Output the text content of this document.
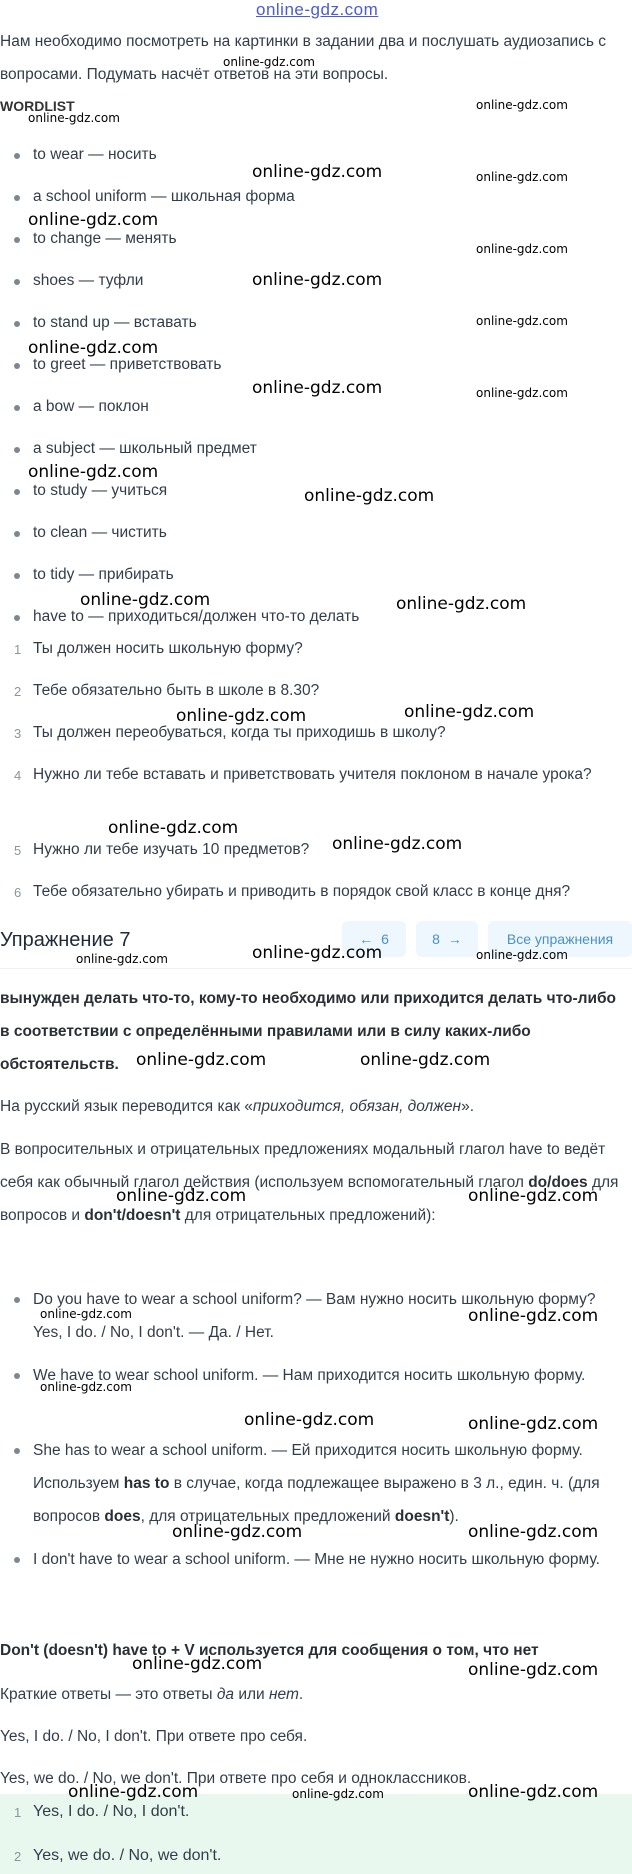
online-gdz.com
Нам необходимо посмотреть на картинки в задании два и послушать аудиозапись с вопросами. Подумать насчёт ответов на эти вопросы.
WORDLIST
to wear — носить
a school uniform — школьная форма
to change — менять
shoes — туфли
to stand up — вставать
to greet — приветствовать
a bow — поклон
a subject — школьный предмет
to study — учиться
to clean — чистить
to tidy — прибирать
have to — приходиться/должен что-то делать
1 Ты должен носить школьную форму?
2 Тебе обязательно быть в школе в 8.30?
3 Ты должен переобуваться, когда ты приходишь в школу?
4 Нужно ли тебе вставать и приветствовать учителя поклоном в начале урока?
5 Нужно ли тебе изучать 10 предметов?
6 Тебе обязательно убирать и приводить в порядок свой класс в конце дня?
Упражнение 7	← 6	8 →	Все упражнения
вынужден делать что-то, кому-то необходимо или приходится делать что-либо в соответствии с определёнными правилами или в силу каких-либо обстоятельств.
На русский язык переводится как «приходится, обязан, должен».
В вопросительных и отрицательных предложениях модальный глагол have to ведёт себя как обычный глагол действия (используем вспомогательный глагол do/does для вопросов и don't/doesn't для отрицательных предложений):
Do you have to wear a school uniform? — Вам нужно носить школьную форму? Yes, I do. / No, I don't. — Да. / Нет.
We have to wear school uniform. — Нам приходится носить школьную форму.
She has to wear a school uniform. — Ей приходится носить школьную форму. Используем has to в случае, когда подлежащее выражено в 3 л., един. ч. (для вопросов does, для отрицательных предложений doesn't).
I don't have to wear a school uniform. — Мне не нужно носить школьную форму.
Don't (doesn't) have to + V используется для сообщения о том, что нет
Краткие ответы — это ответы да или нет.
Yes, I do. / No, I don't. При ответе про себя.
Yes, we do. / No, we don't. При ответе про себя и одноклассников.
1 Yes, I do. / No, I don't.
2 Yes, we do. / No, we don't.
online-gdz.com
online-gdz.com
online-gdz.com
online-gdz.com
online-gdz.com
online-gdz.com
online-gdz.com
online-gdz.com
online-gdz.com
online-gdz.com
online-gdz.com
online-gdz.com
online-gdz.com
online-gdz.com
online-gdz.com	online-gdz.com
online-gdz.com	online-gdz.com
online-gdz.com
online-gdz.com
online-gdz.com	online-gdz.com	online-gdz.com
online-gdz.com	online-gdz.com
online-gdz.com	online-gdz.com
online-gdz.com	online-gdz.com
online-gdz.com
online-gdz.com	online-gdz.com
online-gdz.com	online-gdz.com
online-gdz.com	online-gdz.com
online-gdz.com	online-gdz.com	online-gdz.com
